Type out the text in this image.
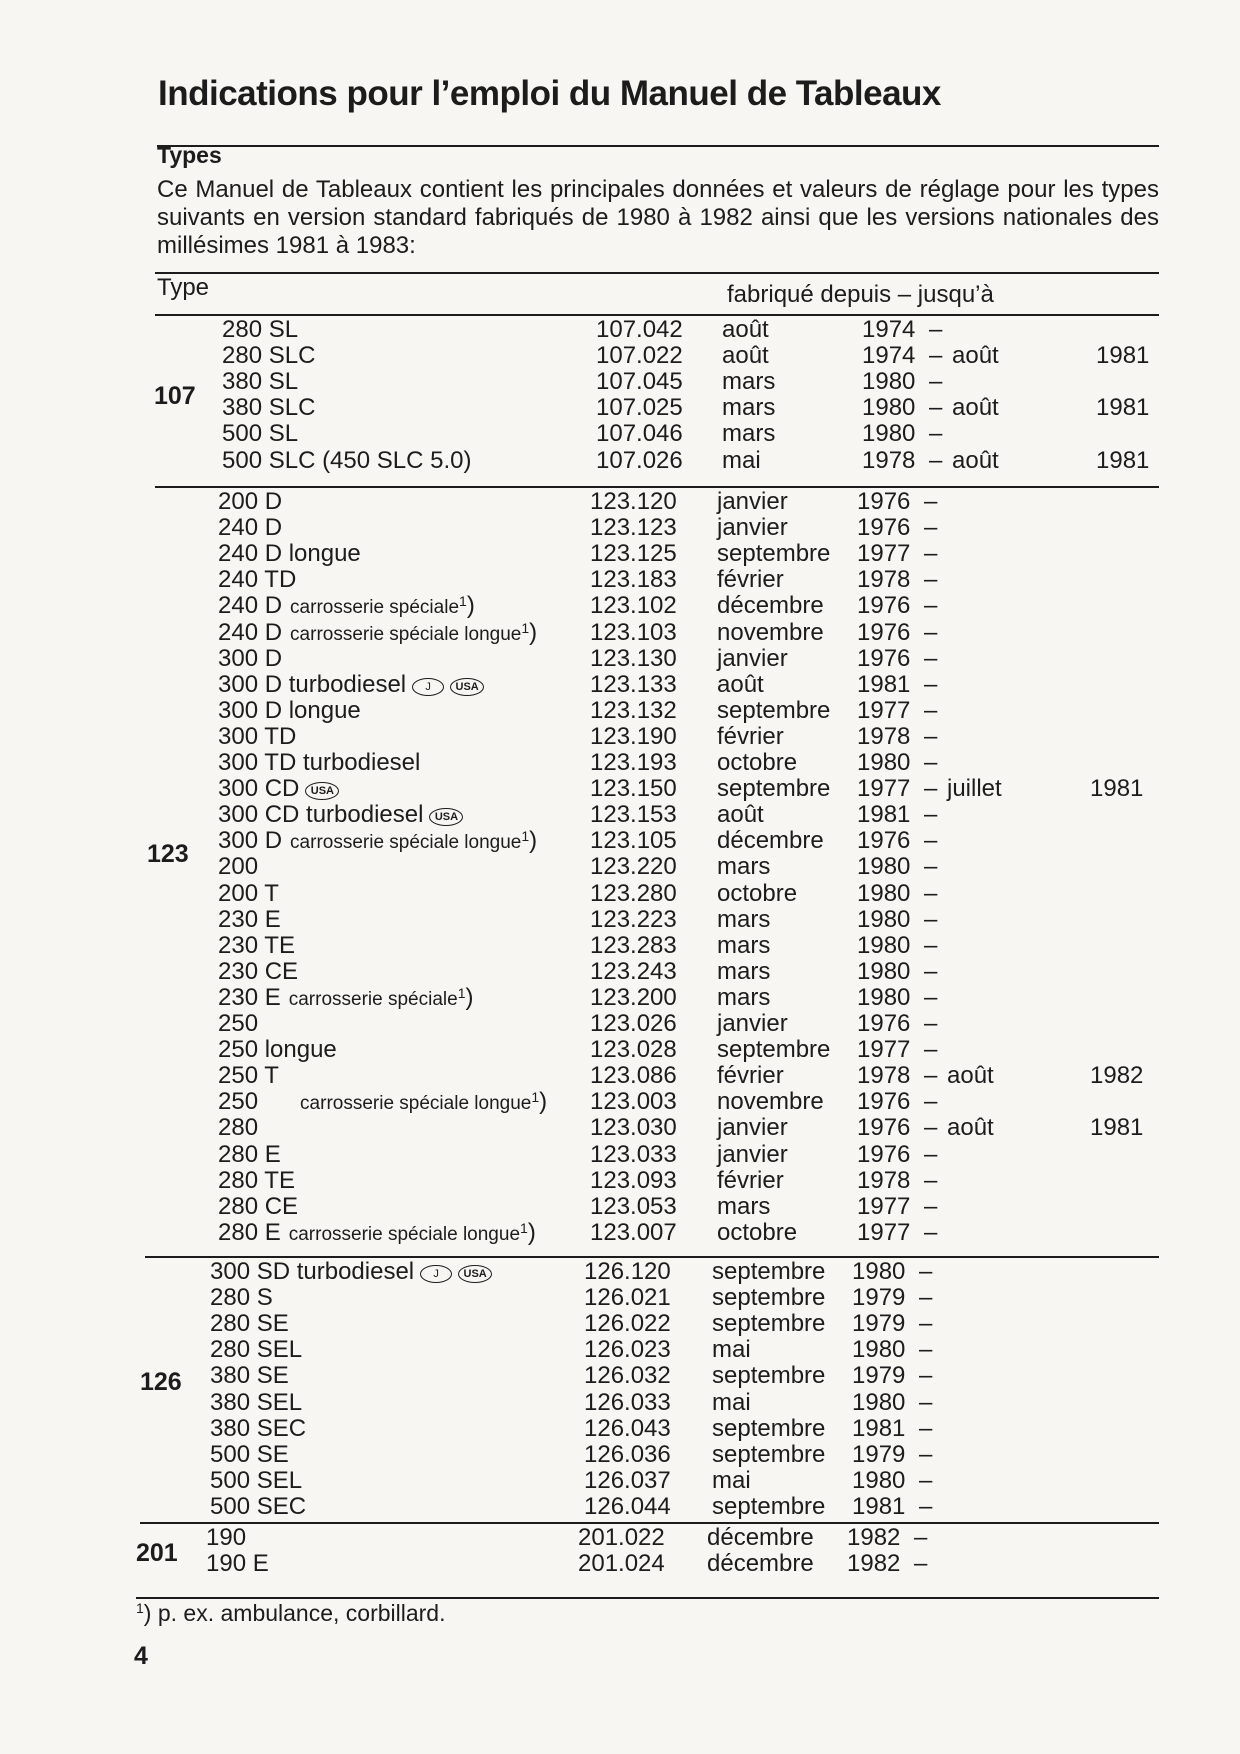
Indications pour l’emploi du Manuel de Tableaux
Types
Ce Manuel de Tableaux contient les principales données et valeurs de réglage pour les types suivants en version standard fabriqués de 1980 à 1982 ainsi que les versions nationales des millésimes 1981 à 1983:
Type	fabriqué depuis – jusqu’à
107
280 SL	107.042 août	1974 –
280 SLC	107.022 août	1974 – août	1981
380 SL	107.045 mars	1980 –
380 SLC	107.025 mars	1980 – août	1981
500 SL	107.046 mars	1980 –
500 SLC (450 SLC 5.0)	107.026 mai	1978 – août	1981
123
200 D	123.120 janvier	1976 –
240 D	123.123 janvier	1976 –
240 D longue	123.125 septembre 1977 –
240 TD	123.183 février	1978 –
240 D carrosserie spéciale$^1$)	123.102 décembre 1976 –
240 D carrosserie spéciale longue$^1$) 123.103 novembre 1976 –
300 D	123.130 janvier	1976 –
300 D turbodiesel J USA	123.133 août	1981 –
300 D longue	123.132 septembre 1977 –
300 TD	123.190 février	1978 –
300 TD turbodiesel	123.193 octobre 1980 –
300 CD USA	123.150 septembre 1977 – juillet	1981
300 CD turbodiesel USA	123.153 août	1981 –
300 D carrosserie spéciale longue$^1$) 123.105 décembre 1976 –
200	123.220 mars	1980 –
200 T	123.280 octobre 1980 –
230 E	123.223 mars	1980 –
230 TE	123.283 mars	1980 –
230 CE	123.243 mars	1980 –
230 E carrosserie spéciale$^1$)	123.200 mars	1980 –
250	123.026 janvier	1976 –
250 longue	123.028 septembre 1977 –
250 T	123.086 février	1978 – août	1982
250 carrosserie spéciale longue$^1$) 123.003 novembre 1976 –
280	123.030 janvier	1976 – août	1981
280 E	123.033 janvier	1976 –
280 TE	123.093 février	1978 –
280 CE	123.053 mars	1977 –
280 E carrosserie spéciale longue$^1$) 123.007 octobre 1977 –
126
300 SD turbodiesel J USA	126.120 septembre 1980 –
280 S	126.021 septembre 1979 –
280 SE	126.022 septembre 1979 –
280 SEL	126.023 mai	1980 –
380 SE	126.032 septembre 1979 –
380 SEL	126.033 mai	1980 –
380 SEC	126.043 septembre 1981 –
500 SE	126.036 septembre 1979 –
500 SEL	126.037 mai	1980 –
500 SEC	126.044 septembre 1981 –
201
190	201.022 décembre 1982 –
190 E	201.024 décembre 1982 –
$^1$) p. ex. ambulance, corbillard.
4
